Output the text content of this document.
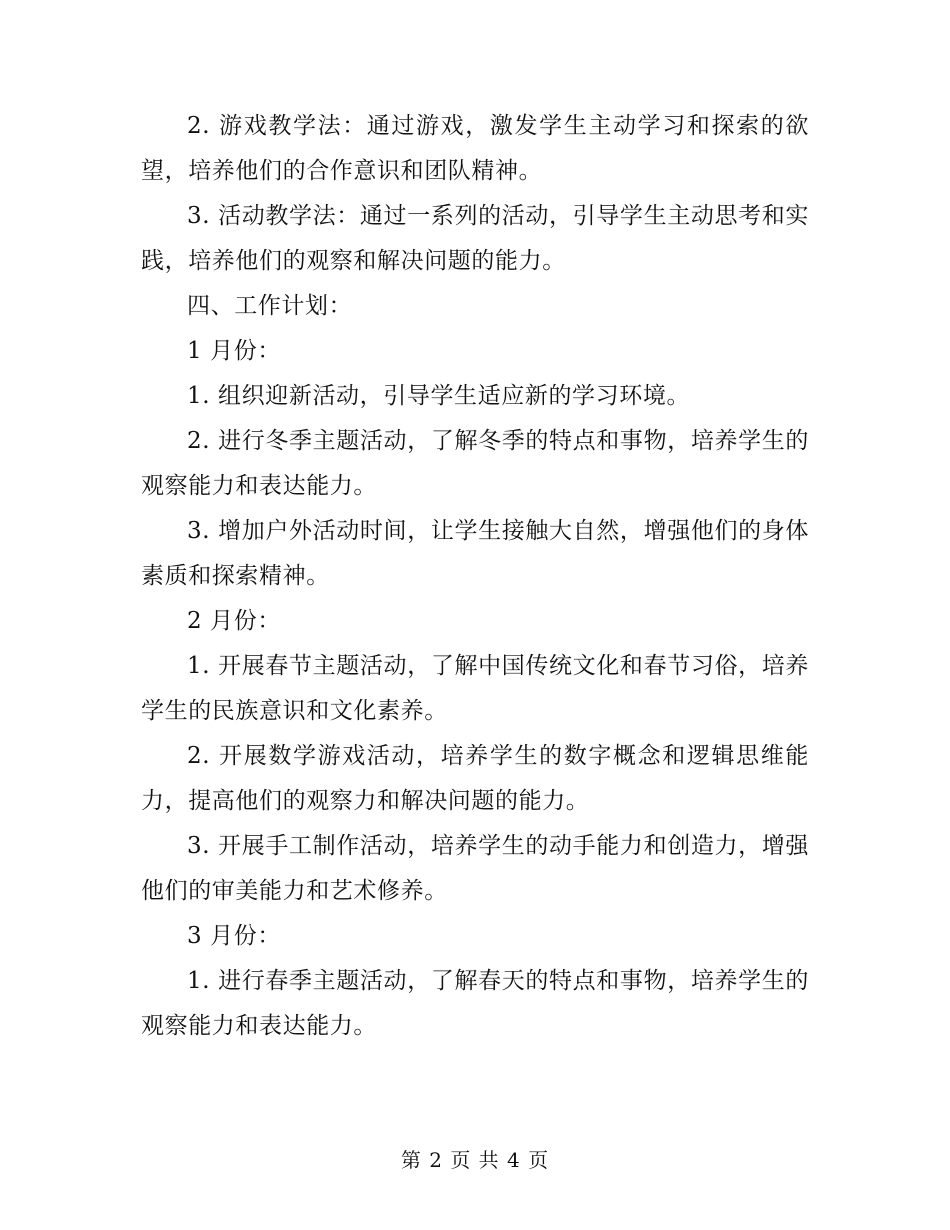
2. 游戏教学法：通过游戏，激发学生主动学习和探索的欲望，培养他们的合作意识和团队精神。

3. 活动教学法：通过一系列的活动，引导学生主动思考和实践，培养他们的观察和解决问题的能力。

四、工作计划：

1 月份：

1. 组织迎新活动，引导学生适应新的学习环境。

2. 进行冬季主题活动，了解冬季的特点和事物，培养学生的观察能力和表达能力。

3. 增加户外活动时间，让学生接触大自然，增强他们的身体素质和探索精神。

2 月份：

1. 开展春节主题活动，了解中国传统文化和春节习俗，培养学生的民族意识和文化素养。

2. 开展数学游戏活动，培养学生的数字概念和逻辑思维能力，提高他们的观察力和解决问题的能力。

3. 开展手工制作活动，培养学生的动手能力和创造力，增强他们的审美能力和艺术修养。

3 月份：

1. 进行春季主题活动，了解春天的特点和事物，培养学生的观察能力和表达能力。

第 2 页 共 4 页
